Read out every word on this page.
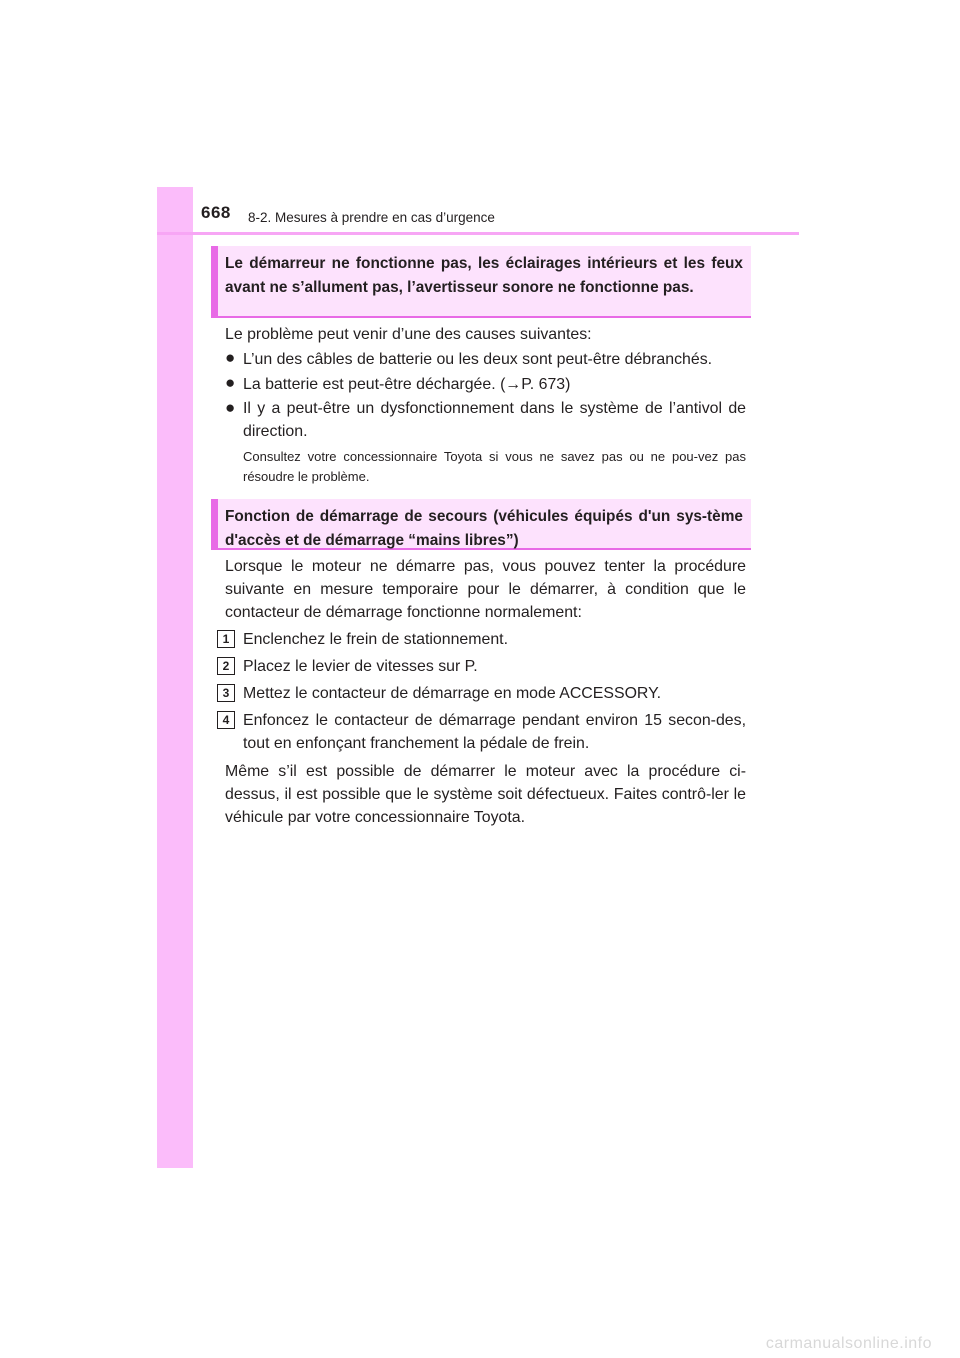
668 8-2. Mesures à prendre en cas d’urgence
Le démarreur ne fonctionne pas, les éclairages intérieurs et les feux avant ne s’allument pas, l’avertisseur sonore ne fonctionne pas.
Le problème peut venir d’une des causes suivantes:
● L’un des câbles de batterie ou les deux sont peut-être débranchés.
● La batterie est peut-être déchargée. (→P. 673)
● Il y a peut-être un dysfonctionnement dans le système de l’antivol de direction.
Consultez votre concessionnaire Toyota si vous ne savez pas ou ne pou-vez pas résoudre le problème.
Fonction de démarrage de secours (véhicules équipés d'un sys-tème d'accès et de démarrage “mains libres”)
Lorsque le moteur ne démarre pas, vous pouvez tenter la procédure suivante en mesure temporaire pour le démarrer, à condition que le contacteur de démarrage fonctionne normalement:
1 Enclenchez le frein de stationnement.
2 Placez le levier de vitesses sur P.
3 Mettez le contacteur de démarrage en mode ACCESSORY.
4 Enfoncez le contacteur de démarrage pendant environ 15 secon-des, tout en enfonçant franchement la pédale de frein.
Même s’il est possible de démarrer le moteur avec la procédure ci-dessus, il est possible que le système soit défectueux. Faites contrô-ler le véhicule par votre concessionnaire Toyota.
carmanualsonline.info
